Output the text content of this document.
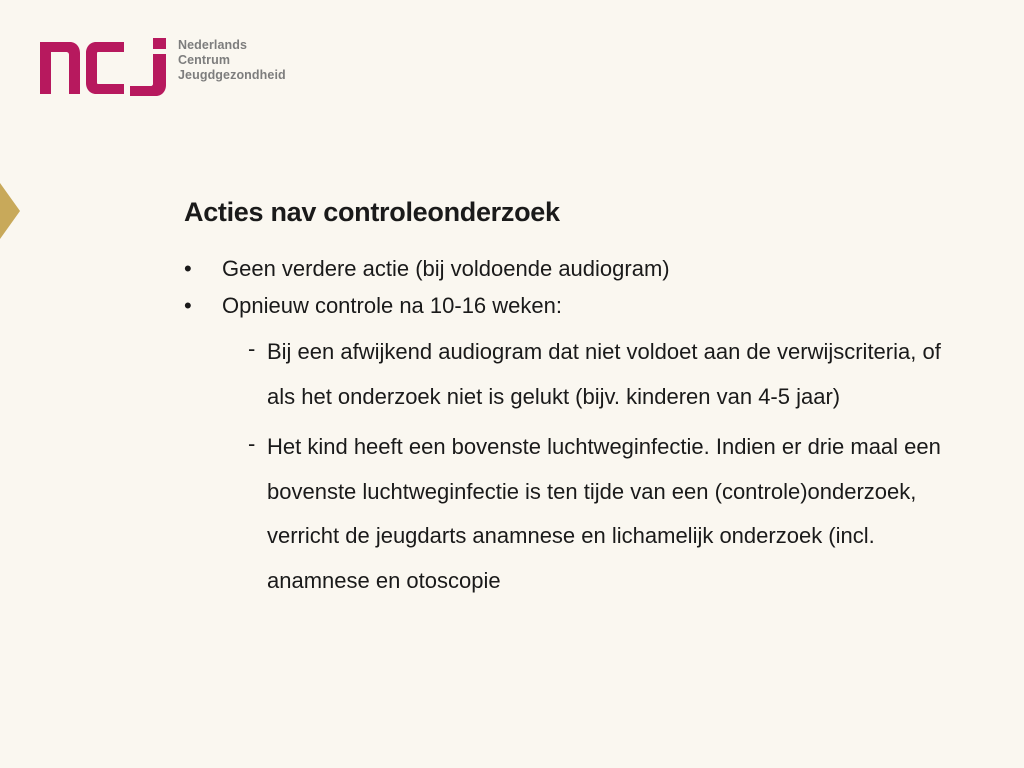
Nederlands
Centrum
Jeugdgezondheid
Acties nav controleonderzoek
•	Geen verdere actie (bij voldoende audiogram)
•	Opnieuw controle na 10-16 weken:
- Bij een afwijkend audiogram dat niet voldoet aan de verwijscriteria, of als het onderzoek niet is gelukt (bijv. kinderen van 4-5 jaar)
- Het kind heeft een bovenste luchtweginfectie. Indien er drie maal een bovenste luchtweginfectie is ten tijde van een (controle)onderzoek, verricht de jeugdarts anamnese en lichamelijk onderzoek (incl. anamnese en otoscopie
